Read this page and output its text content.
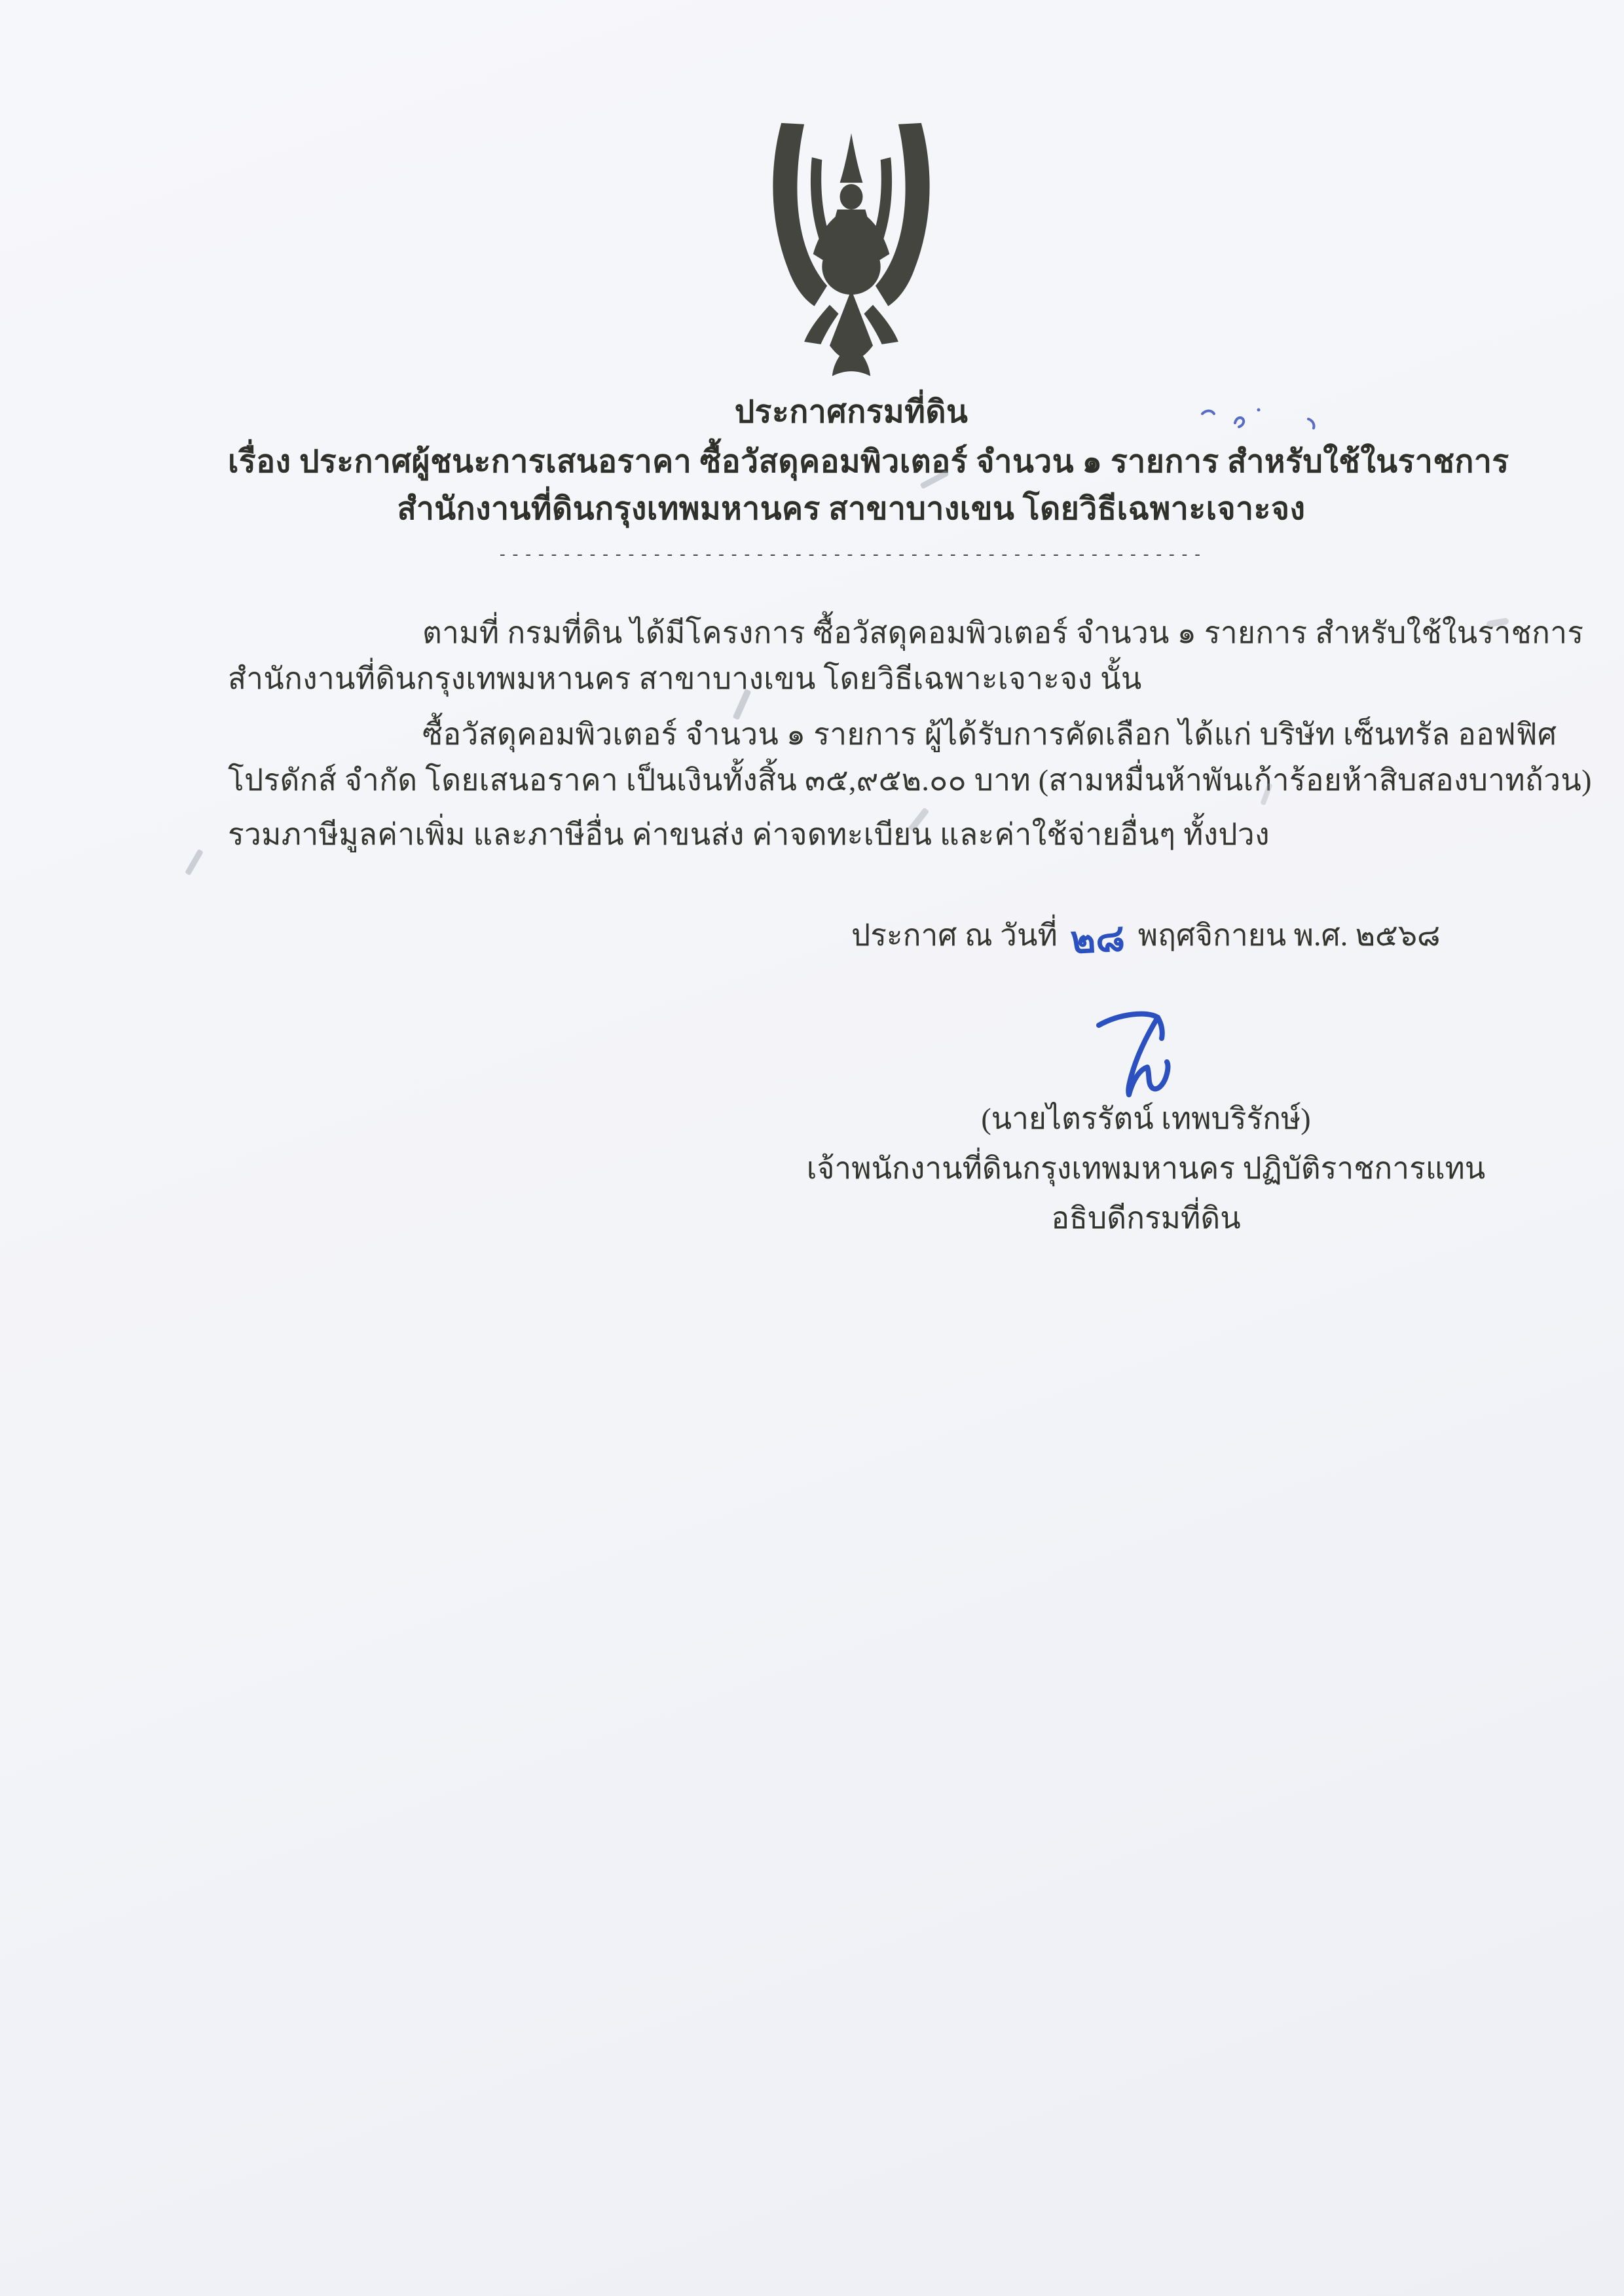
ประกาศกรมที่ดิน
เรื่อง ประกาศผู้ชนะการเสนอราคา ซื้อวัสดุคอมพิวเตอร์ จำนวน ๑ รายการ สำหรับใช้ในราชการ
สำนักงานที่ดินกรุงเทพมหานคร สาขาบางเขน โดยวิธีเฉพาะเจาะจง
-------------------------------------------------------
ตามที่ กรมที่ดิน ได้มีโครงการ ซื้อวัสดุคอมพิวเตอร์ จำนวน ๑ รายการ สำหรับใช้ในราชการ
สำนักงานที่ดินกรุงเทพมหานคร สาขาบางเขน โดยวิธีเฉพาะเจาะจง นั้น
ซื้อวัสดุคอมพิวเตอร์ จำนวน ๑ รายการ ผู้ได้รับการคัดเลือก ได้แก่ บริษัท เซ็นทรัล ออฟฟิศ
โปรดักส์ จำกัด โดยเสนอราคา เป็นเงินทั้งสิ้น ๓๕,๙๕๒.๐๐ บาท (สามหมื่นห้าพันเก้าร้อยห้าสิบสองบาทถ้วน)
รวมภาษีมูลค่าเพิ่ม และภาษีอื่น ค่าขนส่ง ค่าจดทะเบียน และค่าใช้จ่ายอื่นๆ ทั้งปวง
ประกาศ ณ วันที่ ๒๘ พฤศจิกายน พ.ศ. ๒๕๖๘
(นายไตรรัตน์ เทพบริรักษ์)
เจ้าพนักงานที่ดินกรุงเทพมหานคร ปฏิบัติราชการแทน
อธิบดีกรมที่ดิน
